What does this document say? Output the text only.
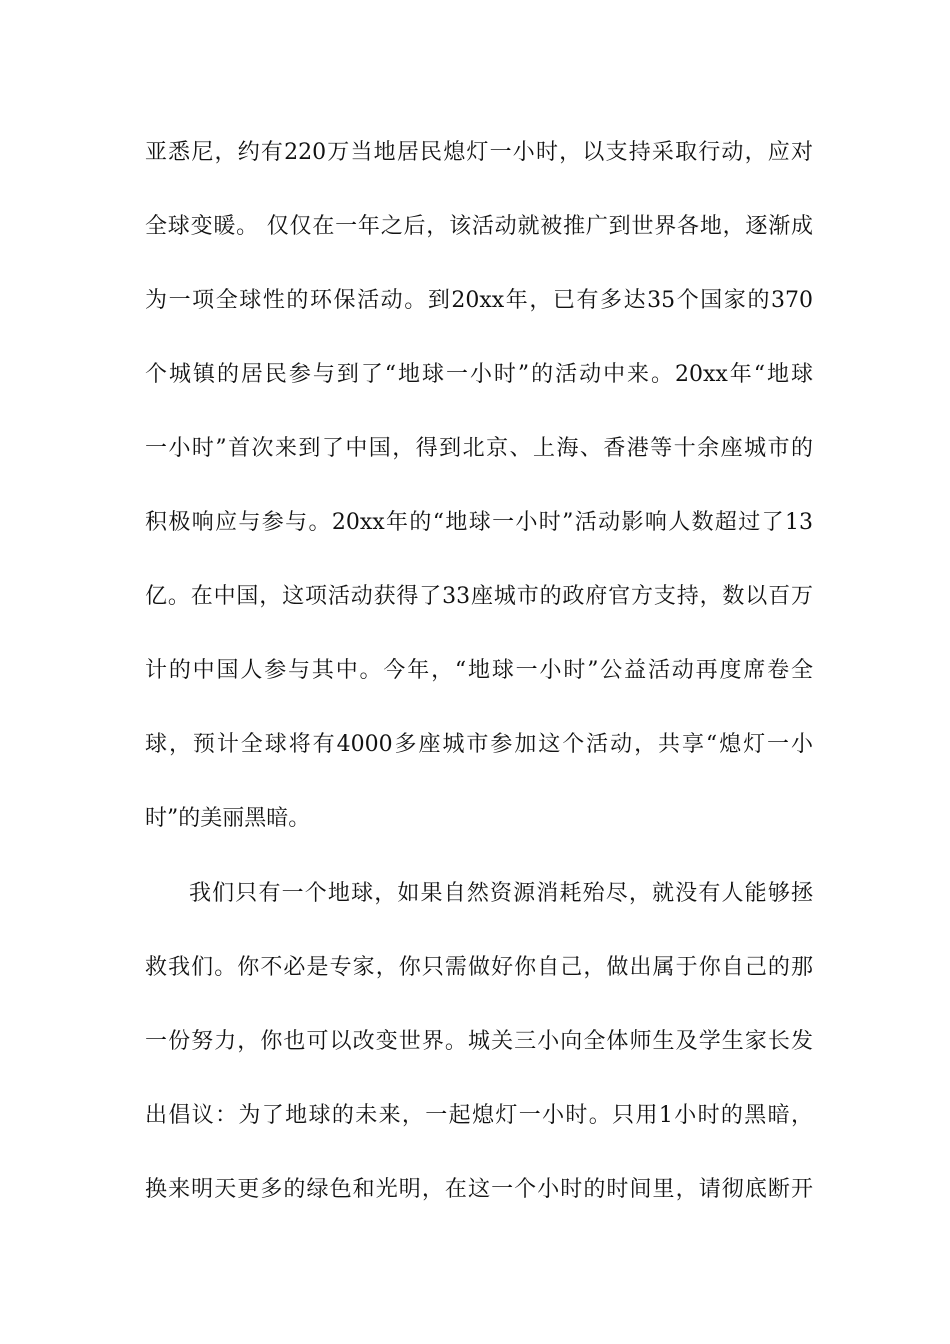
亚悉尼，约有220万当地居民熄灯一小时，以支持采取行动，应对
全球变暖。 仅仅在一年之后，该活动就被推广到世界各地，逐渐成
为一项全球性的环保活动。到20xx年，已有多达35个国家的370
个城镇的居民参与到了“地球一小时”的活动中来。20xx年“地球
一小时”首次来到了中国，得到北京、上海、香港等十余座城市的
积极响应与参与。20xx年的“地球一小时”活动影响人数超过了13
亿。在中国，这项活动获得了33座城市的政府官方支持，数以百万
计的中国人参与其中。今年，“地球一小时”公益活动再度席卷全
球，预计全球将有4000多座城市参加这个活动，共享“熄灯一小
时”的美丽黑暗。
我们只有一个地球，如果自然资源消耗殆尽，就没有人能够拯
救我们。你不必是专家，你只需做好你自己，做出属于你自己的那
一份努力，你也可以改变世界。城关三小向全体师生及学生家长发
出倡议：为了地球的未来，一起熄灯一小时。只用1小时的黑暗，
换来明天更多的绿色和光明，在这一个小时的时间里，请彻底断开
